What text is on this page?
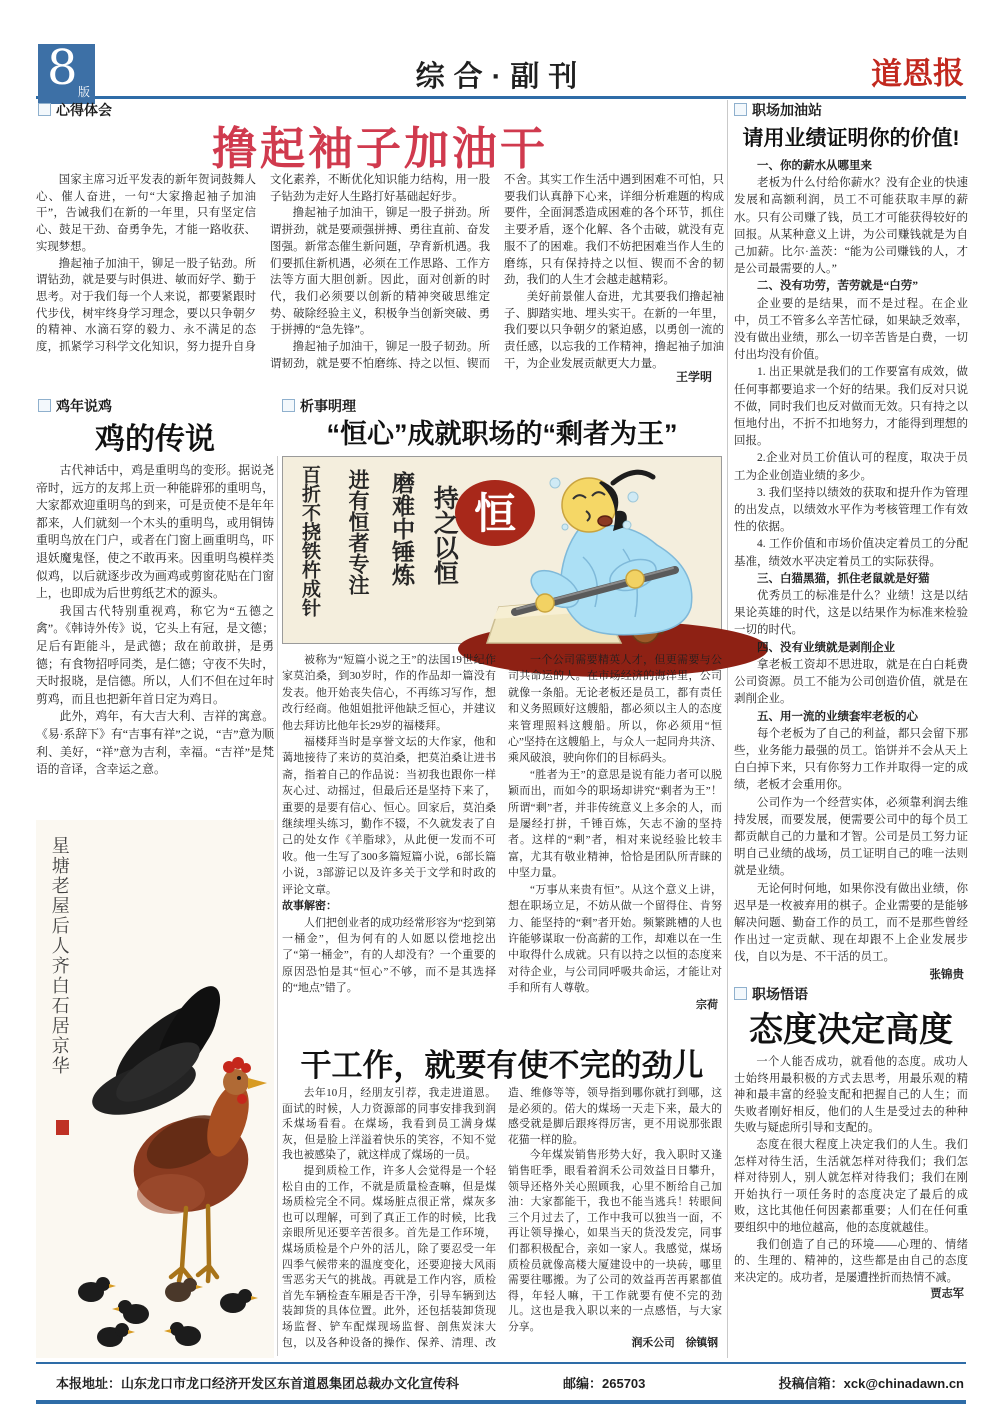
8 版	综合·副刊	道恩报
心得体会
撸起袖子加油干

国家主席习近平发表的新年贺词鼓舞人心、催人奋进，一句“大家撸起袖子加油干”，告诫我们在新的一年里，只有坚定信心、鼓足干劲、奋勇争先，才能一路收获、实现梦想。

撸起袖子加油干，铆足一股子钻劲。所谓钻劲，就是要与时俱进、敏而好学、勤于思考。对于我们每一个人来说，都要紧跟时代步伐，树牢终身学习理念，要以只争朝夕的精神、水滴石穿的毅力、永不满足的态度，抓紧学习科学文化知识，努力提升自身文化素养，不断优化知识能力结构，用一股子钻劲为走好人生路打好基础起好步。

撸起袖子加油干，铆足一股子拼劲。所谓拼劲，就是要顽强拼搏、勇往直前、奋发图强。新常态催生新问题，孕育新机遇。我们要抓住新机遇，必须在工作思路、工作方法等方面大胆创新。因此，面对创新的时代，我们必须要以创新的精神突破思维定势、破除经验主义，积极争当创新突破、勇于拼搏的“急先锋”。

撸起袖子加油干，铆足一股子韧劲。所谓韧劲，就是要不怕磨练、持之以恒、锲而不舍。其实工作生活中遇到困难不可怕，只要我们认真静下心来，详细分析难题的构成要件，全面洞悉造成困难的各个环节，抓住主要矛盾，逐个化解、各个击破，就没有克服不了的困难。我们不妨把困难当作人生的磨练，只有保持持之以恒、锲而不舍的韧劲，我们的人生才会越走越精彩。

美好前景催人奋进，尤其要我们撸起袖子、脚踏实地、埋头实干。在新的一年里，我们要以只争朝夕的紧迫感，以勇创一流的责任感，以忘我的工作精神，撸起袖子加油干，为企业发展贡献更大力量。

王学明
鸡年说鸡
鸡的传说

古代神话中，鸡是重明鸟的变形。据说尧帝时，远方的友邦上贡一种能辟邪的重明鸟，大家都欢迎重明鸟的到来，可是贡使不是年年都来，人们就刻一个木头的重明鸟，或用铜铸重明鸟放在门户，或者在门窗上画重明鸟，吓退妖魔鬼怪，使之不敢再来。因重明鸟模样类似鸡，以后就逐步改为画鸡或剪窗花贴在门窗上，也即成为后世剪纸艺术的源头。

我国古代特别重视鸡，称它为“五德之禽”。《韩诗外传》说，它头上有冠，是文德；足后有距能斗，是武德；敌在前敢拼，是勇德；有食物招呼同类，是仁德；守夜不失时，天时报晓，是信德。所以，人们不但在过年时剪鸡，而且也把新年首日定为鸡日。

此外，鸡年，有大吉大利、吉祥的寓意。《易·系辞下》有“吉事有祥”之说，“吉”意为顺利、美好，“祥”意为吉利，幸福。“吉祥”是梵语的音译，含幸运之意。

星塘老屋后人齐白石居京华
析事明理
“恒心”成就职场的“剩者为王”
恒
持之以恒
磨难中锤炼
进有恒者专注
百折不挠铁杵成针

被称为“短篇小说之王”的法国19世纪作家莫泊桑，到30岁时，作的作品却一篇没有发表。他开始丧失信心，不再练习写作，想改行经商。他姐姐批评他缺乏恒心，并建议他去拜访比他年长29岁的福楼拜。

福楼拜当时是享誉文坛的大作家，他和蔼地接待了来访的莫泊桑，把莫泊桑让进书斋，指着自己的作品说：当初我也跟你一样灰心过、动摇过，但最后还是坚持下来了，重要的是要有信心、恒心。回家后，莫泊桑继续埋头练习，勤作不辍，不久就发表了自己的处女作《羊脂球》，从此便一发而不可收。他一生写了300多篇短篇小说，6部长篇小说，3部游记以及许多关于文学和时政的评论文章。

故事解密：

人们把创业者的成功经常形容为“挖到第一桶金”，但为何有的人如愿以偿地挖出了“第一桶金”，有的人却没有？一个重要的原因恐怕是其“恒心”不够，而不是其选择的“地点”错了。

一个公司需要精英人才，但更需要与公司共命运的人。在市场经济的海洋里，公司就像一条船。无论老板还是员工，都有责任和义务照顾好这艘船，都必须以主人的态度来管理照料这艘船。所以，你必须用“恒心”坚持在这艘船上，与众人一起同舟共济、乘风破浪，驶向你们的目标码头。

“胜者为王”的意思是说有能力者可以脱颖而出，而如今的职场却讲究“剩者为王”！所谓“剩”者，并非传统意义上多余的人，而是屡经打拼，千锤百炼，矢志不渝的坚持者。这样的“剩”者，相对来说经验比较丰富，尤其有敬业精神，恰恰是团队所青睐的中坚力量。

“万事从来贵有恒”。从这个意义上讲，想在职场立足，不妨从做一个留得住、肯努力、能坚持的“剩”者开始。频繁跳槽的人也许能够谋取一份高薪的工作，却难以在一生中取得什么成就。只有以持之以恒的态度来对待企业，与公司同呼吸共命运，才能让对手和所有人尊敬。

宗荷

干工作，就要有使不完的劲儿

去年10月，经朋友引荐，我走进道恩。面试的时候，人力资源部的同事安排我到润禾煤场看看。在煤场，我看到员工满身煤灰，但是脸上洋溢着快乐的笑容，不知不觉我也被感染了，就这样成了煤场的一员。

提到质检工作，许多人会觉得是一个轻松自由的工作，不就是质量检查嘛，但是煤场质检完全不同。煤场脏点很正常，煤灰多也可以理解，可到了真正工作的时候，比我亲眼所见还要辛苦很多。首先是工作环境，煤场质检是个户外的活儿，除了要忍受一年四季气候带来的温度变化，还要迎接大风雨雪恶劣天气的挑战。再就是工作内容，质检首先车辆检查车厢是否干净，引导车辆到达装卸货的具体位置。此外，还包括装卸货现场监督、铲车配煤现场监督、剖焦炭沫大包，以及各种设备的操作、保养、清理、改造、维修等等，领导指到哪你就打到哪，这是必须的。偌大的煤场一天走下来，最大的感受就是脚后跟疼得厉害，更不用说那张跟花猫一样的脸。

今年煤炭销售形势大好，我入职时又逢销售旺季，眼看着润禾公司效益日日攀升，领导还格外关心照顾我，心里不断给自己加油：大家都能干，我也不能当逃兵！转眼间三个月过去了，工作中我可以独当一面，不再让领导操心，如果当天的货没发完，同事们都积极配合，亲如一家人。我感觉，煤场质检员就像高楼大厦建设中的一块砖，哪里需要往哪搬。为了公司的效益再苦再累都值得，年轻人嘛，干工作就要有使不完的劲儿。这也是我入职以来的一点感悟，与大家分享。

润禾公司　徐镇钢

职场加油站
请用业绩证明你的价值!

一、你的薪水从哪里来

老板为什么付给你薪水？没有企业的快速发展和高额利润，员工不可能获取丰厚的薪水。只有公司赚了钱，员工才可能获得较好的回报。从某种意义上讲，为公司赚钱就是为自己加薪。比尔·盖茨：“能为公司赚钱的人，才是公司最需要的人。”

二、没有功劳，苦劳就是“白劳”

企业要的是结果，而不是过程。在企业中，员工不管多么辛苦忙碌，如果缺乏效率，没有做出业绩，那么一切辛苦皆是白费，一切付出均没有价值。

1. 出正果就是我们的工作要富有成效，做任何事都要追求一个好的结果。我们反对只说不做，同时我们也反对做而无效。只有持之以恒地付出，不折不扣地努力，才能得到理想的回报。

2.企业对员工价值认可的程度，取决于员工为企业创造业绩的多少。

3. 我们坚持以绩效的获取和提升作为管理的出发点，以绩效水平作为考核管理工作有效性的依据。

4. 工作价值和市场价值决定着员工的分配基准，绩效水平决定着员工的实际获得。

三、白猫黑猫，抓住老鼠就是好猫

优秀员工的标准是什么？业绩！这是以结果论英雄的时代，这是以结果作为标准来检验一切的时代。

四、没有业绩就是剥削企业

拿老板工资却不思进取，就是在白白耗费公司资源。员工不能为公司创造价值，就是在剥削企业。

五、用一流的业绩套牢老板的心

每个老板为了自己的利益，都只会留下那些，业务能力最强的员工。馅饼并不会从天上白白掉下来，只有你努力工作并取得一定的成绩，老板才会重用你。

公司作为一个经营实体，必须靠利润去维持发展，而要发展，便需要公司中的每个员工都贡献自己的力量和才智。公司是员工努力证明自己业绩的战场，员工证明自己的唯一法则就是业绩。

无论何时何地，如果你没有做出业绩，你迟早是一枚被弃用的棋子。企业需要的是能够解决问题、勤奋工作的员工，而不是那些曾经作出过一定贡献、现在却跟不上企业发展步伐，自以为是、不干活的员工。

张锦贵

职场悟语
态度决定高度

一个人能否成功，就看他的态度。成功人士始终用最积极的方式去思考，用最乐观的精神和最丰富的经验支配和把握自己的人生；而失败者刚好相反，他们的人生是受过去的种种失败与疑虑所引导和支配的。

态度在很大程度上决定我们的人生。我们怎样对待生活，生活就怎样对待我们；我们怎样对待别人，别人就怎样对待我们；我们在刚开始执行一项任务时的态度决定了最后的成败，这比其他任何因素都重要；人们在任何重要组织中的地位越高，他的态度就越佳。

我们创造了自己的环境——心理的、情绪的、生理的、精神的，这些都是由自己的态度来决定的。成功者，是屡遭挫折而热情不减。

贾志军

本报地址：山东龙口市龙口经济开发区东首道恩集团总裁办文化宣传科	邮编：265703	投稿信箱：xck@chinadawn.cn
